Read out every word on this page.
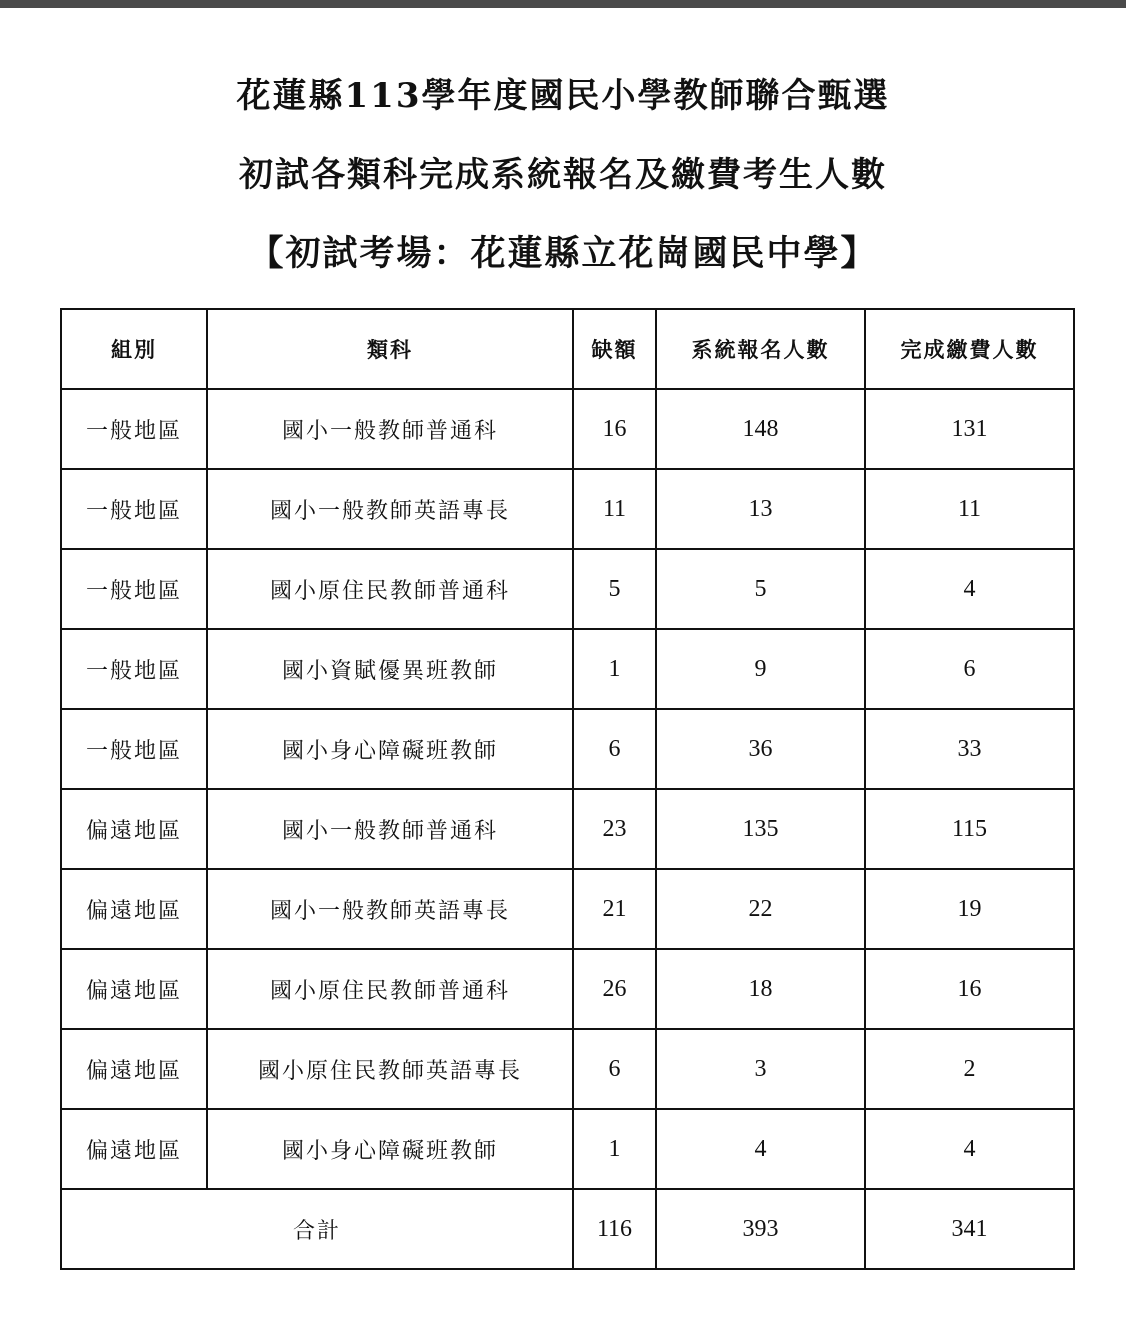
花蓮縣113學年度國民小學教師聯合甄選
初試各類科完成系統報名及繳費考生人數
【初試考場：花蓮縣立花崗國民中學】
組別	類科	缺額	系統報名人數	完成繳費人數
一般地區	國小一般教師普通科	16	148	131
一般地區	國小一般教師英語專長	11	13	11
一般地區	國小原住民教師普通科	5	5	4
一般地區	國小資賦優異班教師	1	9	6
一般地區	國小身心障礙班教師	6	36	33
偏遠地區	國小一般教師普通科	23	135	115
偏遠地區	國小一般教師英語專長	21	22	19
偏遠地區	國小原住民教師普通科	26	18	16
偏遠地區	國小原住民教師英語專長	6	3	2
偏遠地區	國小身心障礙班教師	1	4	4
合計		116	393	341
